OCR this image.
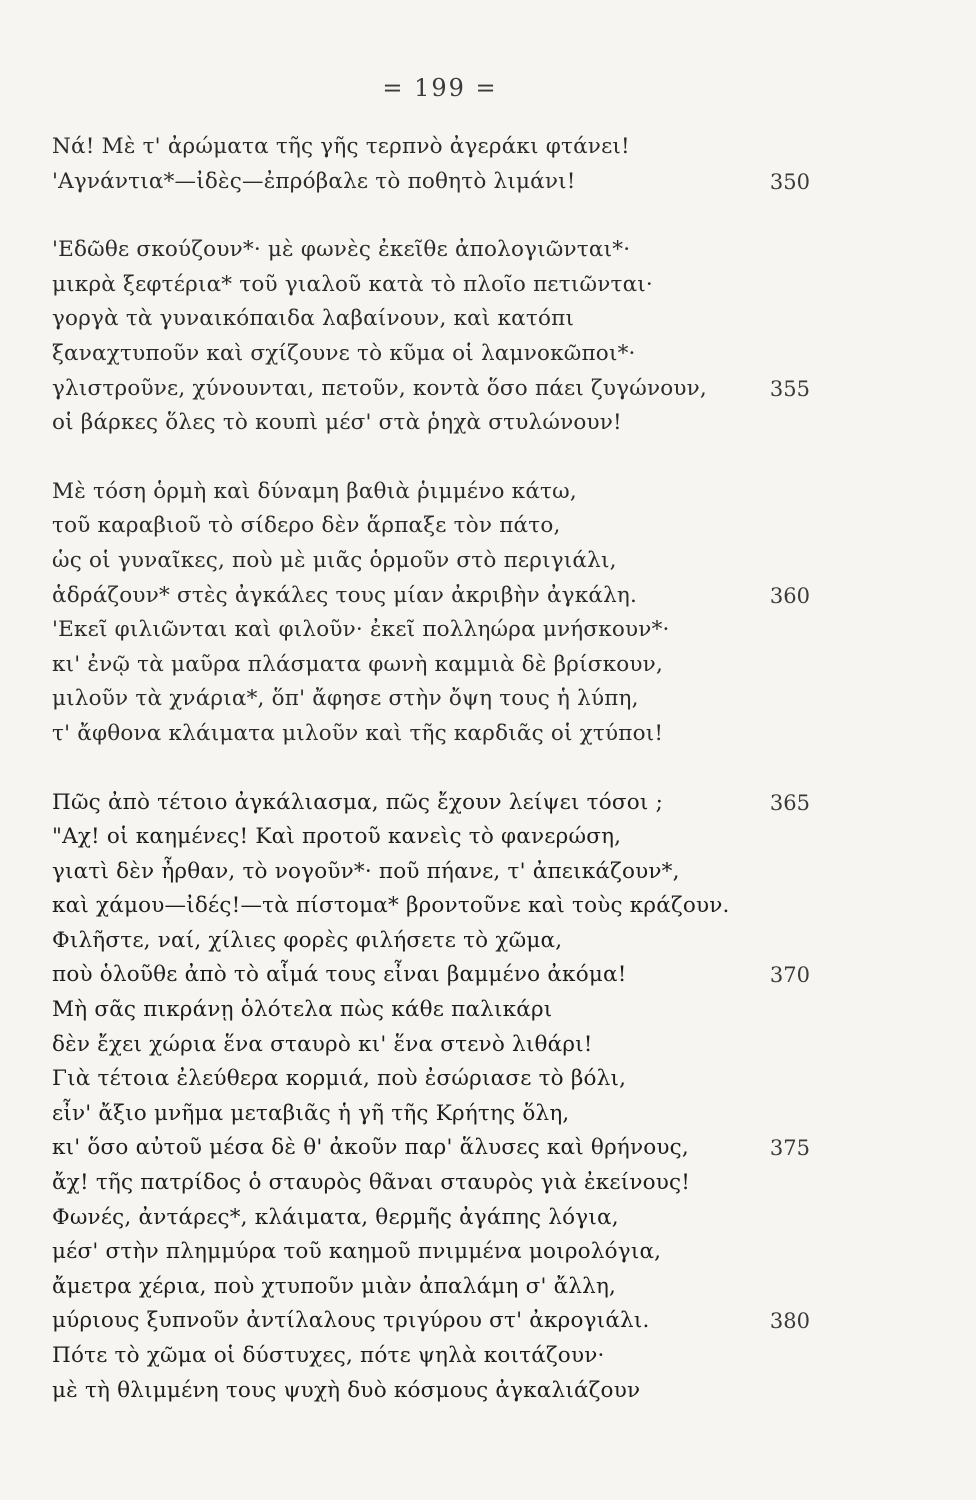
= 199 =
Νά! Μὲ τ' ἀρώματα τῆς γῆς τερπνὸ ἀγεράκι φτάνει!
'Αγνάντια*—ἰδὲς—ἐπρόβαλε τὸ ποθητὸ λιμάνι!	350
'Εδῶθε σκούζουν*· μὲ φωνὲς ἐκεῖθε ἀπολογιῶνται*·
μικρὰ ξεφτέρια* τοῦ γιαλοῦ κατὰ τὸ πλοῖο πετιῶνται·
γοργὰ τὰ γυναικόπαιδα λαβαίνουν, καὶ κατόπι
ξαναχτυποῦν καὶ σχίζουνε τὸ κῦμα οἱ λαμνοκῶποι*·
γλιστροῦνε, χύνουνται, πετοῦν, κοντὰ ὅσο πάει ζυγώνουν,	355
οἱ βάρκες ὅλες τὸ κουπὶ μέσ' στὰ ῥηχὰ στυλώνουν!
Μὲ τόση ὁρμὴ καὶ δύναμη βαθιὰ ῥιμμένο κάτω,
τοῦ καραβιοῦ τὸ σίδερο δὲν ἅρπαξε τὸν πάτο,
ὡς οἱ γυναῖκες, ποὺ μὲ μιᾶς ὁρμοῦν στὸ περιγιάλι,
ἁδράζουν* στὲς ἀγκάλες τους μίαν ἀκριβὴν ἀγκάλη.	360
'Εκεῖ φιλιῶνται καὶ φιλοῦν· ἐκεῖ πολληώρα μνήσκουν*·
κι' ἐνῷ τὰ μαῦρα πλάσματα φωνὴ καμμιὰ δὲ βρίσκουν,
μιλοῦν τὰ χνάρια*, ὅπ' ἄφησε στὴν ὄψη τους ἡ λύπη,
τ' ἄφθονα κλάιματα μιλοῦν καὶ τῆς καρδιᾶς οἱ χτύποι!
Πῶς ἀπὸ τέτοιο ἀγκάλιασμα, πῶς ἔχουν λείψει τόσοι ;	365
"Αχ! οἱ καημένες! Καὶ προτοῦ κανεὶς τὸ φανερώση,
γιατὶ δὲν ἦρθαν, τὸ νογοῦν*· ποῦ πήανε, τ' ἀπεικάζουν*,
καὶ χάμου—ἰδές!—τὰ πίστομα* βροντοῦνε καὶ τοὺς κράζουν.
Φιλῆστε, ναί, χίλιες φορὲς φιλήσετε τὸ χῶμα,
ποὺ ὁλοῦθε ἀπὸ τὸ αἷμά τους εἶναι βαμμένο ἀκόμα!	370
Μὴ σᾶς πικράνῃ ὁλότελα πὼς κάθε παλικάρι
δὲν ἔχει χώρια ἕνα σταυρὸ κι' ἕνα στενὸ λιθάρι!
Γιὰ τέτοια ἐλεύθερα κορμιά, ποὺ ἐσώριασε τὸ βόλι,
εἶν' ἄξιο μνῆμα μεταβιᾶς ἡ γῆ τῆς Κρήτης ὅλη,
κι' ὅσο αὐτοῦ μέσα δὲ θ' ἀκοῦν παρ' ἅλυσες καὶ θρήνους,	375
ἄχ! τῆς πατρίδος ὁ σταυρὸς θᾶναι σταυρὸς γιὰ ἐκείνους!
Φωνές, ἀντάρες*, κλάιματα, θερμῆς ἀγάπης λόγια,
μέσ' στὴν πλημμύρα τοῦ καημοῦ πνιμμένα μοιρολόγια,
ἄμετρα χέρια, ποὺ χτυποῦν μιὰν ἀπαλάμη σ' ἄλλη,
μύριους ξυπνοῦν ἀντίλαλους τριγύρου στ' ἀκρογιάλι.	380
Πότε τὸ χῶμα οἱ δύστυχες, πότε ψηλὰ κοιτάζουν·
μὲ τὴ θλιμμένη τους ψυχὴ δυὸ κόσμους ἀγκαλιάζουν
